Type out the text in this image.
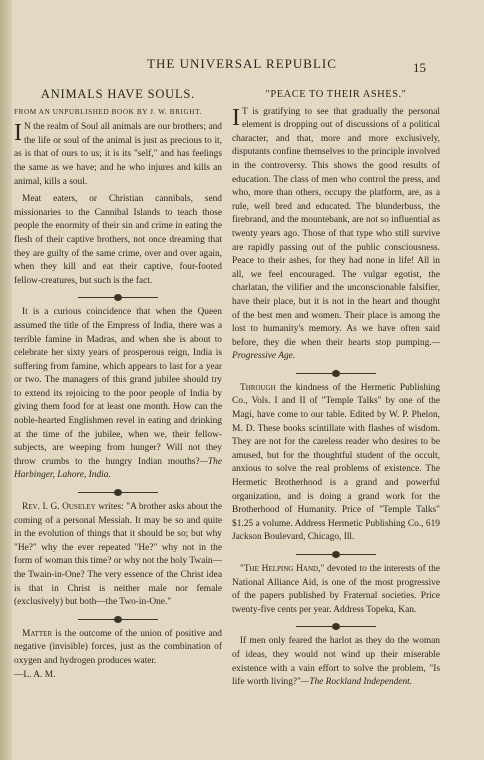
THE UNIVERSAL REPUBLIC	15
ANIMALS HAVE SOULS.
FROM AN UNPUBLISHED BOOK BY J. W. BRIGHT.

I N the realm of Soul all animals are our brothers; and the life or soul of the animal is just as precious to it, as is that of ours to us; it is its "self," and has feelings the same as we have; and he who injures and kills an animal, kills a soul.

Meat eaters, or Christian cannibals, send missionaries to the Cannibal Islands to teach those people the enormity of their sin and crime in eating the flesh of their captive brothers, not once dreaming that they are guilty of the same crime, over and over again, when they kill and eat their captive, four-footed fellow-creatures, but such is the fact.

It is a curious coincidence that when the Queen assumed the title of the Empress of India, there was a terrible famine in Madras, and when she is about to celebrate her sixty years of prosperous reign, India is suffering from famine, which appears to last for a year or two. The managers of this grand jubilee should try to extend its rejoicing to the poor people of India by giving them food for at least one month. How can the noble-hearted Englishmen revel in eating and drinking at the time of the jubilee, when we, their fellow-subjects, are weeping from hunger? Will not they throw crumbs to the hungry Indian mouths?—The Harbinger, Lahore, India.

Rev. I. G. Ouseley writes: "A brother asks about the coming of a personal Messiah. It may be so and quite in the evolution of things that it should be so; but why "He?" why the ever repeated "He?" why not in the form of woman this time? or why not the holy Twain—the Twain-in-One? The very essence of the Christ idea is that in Christ is neither male nor female (exclusively) but both—the Two-in-One."

Matter is the outcome of the union of positive and negative (invisible) forces, just as the combination of oxygen and hydrogen produces water.
—L. A. M.

"PEACE TO THEIR ASHES."

I T is gratifying to see that gradually the personal element is dropping out of discussions of a political character, and that, more and more exclusively, disputants confine themselves to the principle involved in the controversy. This shows the good results of education. The class of men who control the press, and who, more than others, occupy the platform, are, as a rule, well bred and educated. The blunderbuss, the firebrand, and the mountebank, are not so influential as twenty years ago. Those of that type who still survive are rapidly passing out of the public consciousness. Peace to their ashes, for they had none in life! All in all, we feel encouraged. The vulgar egotist, the charlatan, the vilifier and the unconscionable falsifier, have their place, but it is not in the heart and thought of the best men and women. Their place is among the lost to humanity's memory. As we have often said before, they die when their hearts stop pumping.—Progressive Age.

Through the kindness of the Hermetic Publishing Co., Vols. I and II of "Temple Talks" by one of the Magi, have come to our table. Edited by W. P. Phelon, M. D. These books scintillate with flashes of wisdom. They are not for the careless reader who desires to be amused, but for the thoughtful student of the occult, anxious to solve the real problems of existence. The Hermetic Brotherhood is a grand and powerful organization, and is doing a grand work for the Brotherhood of Humanity. Price of "Temple Talks" $1.25 a volume. Address Hermetic Publishing Co., 619 Jackson Boulevard, Chicago, Ill.

"The Helping Hand," devoted to the interests of the National Alliance Aid, is one of the most progressive of the papers published by Fraternal societies. Price twenty-five cents per year. Address Topeka, Kan.

If men only feared the harlot as they do the woman of ideas, they would not wind up their miserable existence with a vain effort to solve the problem, "Is life worth living?"—The Rockland Independent.
